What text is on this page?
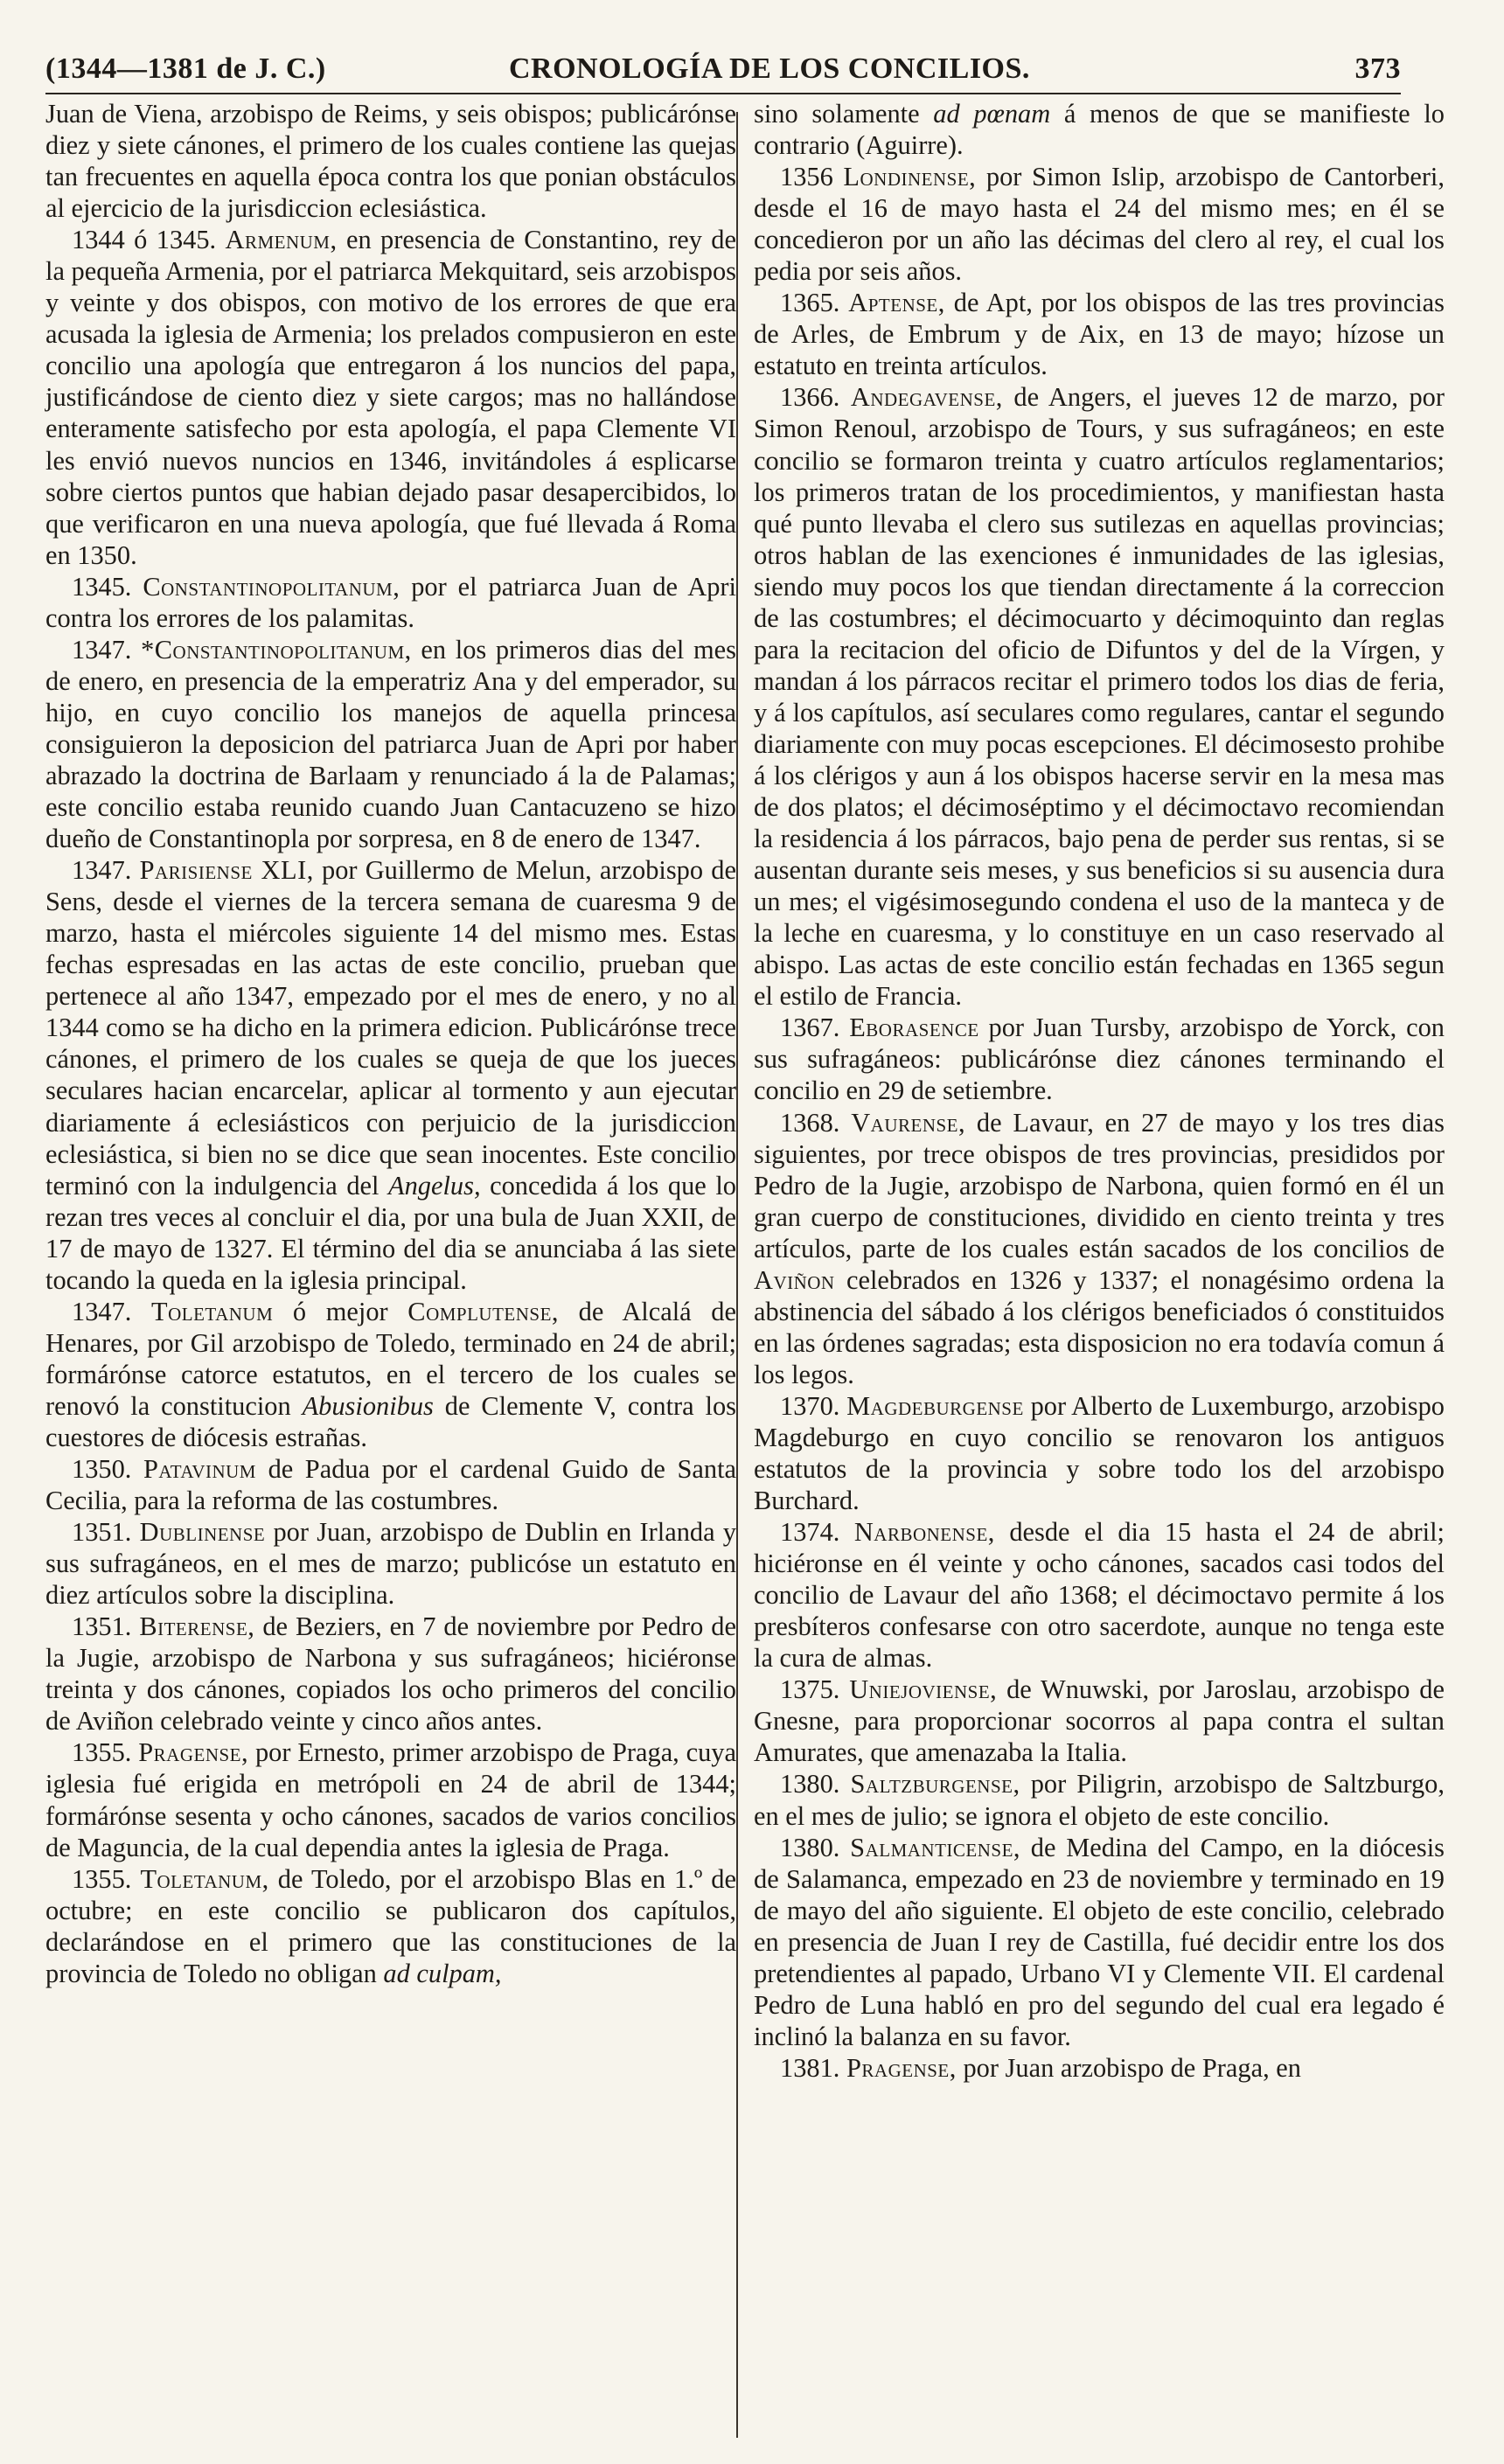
(1344—1381 de J. C.)	CRONOLOGÍA DE LOS CONCILIOS.	373

Juan de Viena, arzobispo de Reims, y seis obispos; publicárónse diez y siete cánones, el primero de los cuales contiene las quejas tan frecuentes en aquella época contra los que ponian obstáculos al ejercicio de la jurisdiccion eclesiástica.

1344 ó 1345. Armenum, en presencia de Constantino, rey de la pequeña Armenia, por el patriarca Mekquitard, seis arzobispos y veinte y dos obispos, con motivo de los errores de que era acusada la iglesia de Armenia; los prelados compusieron en este concilio una apología que entregaron á los nuncios del papa, justificándose de ciento diez y siete cargos; mas no hallándose enteramente satisfecho por esta apología, el papa Clemente VI les envió nuevos nuncios en 1346, invitándoles á esplicarse sobre ciertos puntos que habian dejado pasar desapercibidos, lo que verificaron en una nueva apología, que fué llevada á Roma en 1350.

1345. Constantinopolitanum, por el patriarca Juan de Apri contra los errores de los palamitas.

1347. *Constantinopolitanum, en los primeros dias del mes de enero, en presencia de la emperatriz Ana y del emperador, su hijo, en cuyo concilio los manejos de aquella princesa consiguieron la deposicion del patriarca Juan de Apri por haber abrazado la doctrina de Barlaam y renunciado á la de Palamas; este concilio estaba reunido cuando Juan Cantacuzeno se hizo dueño de Constantinopla por sorpresa, en 8 de enero de 1347.

1347. Parisiense XLI, por Guillermo de Melun, arzobispo de Sens, desde el viernes de la tercera semana de cuaresma 9 de marzo, hasta el miércoles siguiente 14 del mismo mes. Estas fechas espresadas en las actas de este concilio, prueban que pertenece al año 1347, empezado por el mes de enero, y no al 1344 como se ha dicho en la primera edicion. Publicárónse trece cánones, el primero de los cuales se queja de que los jueces seculares hacian encarcelar, aplicar al tormento y aun ejecutar diariamente á eclesiásticos con perjuicio de la jurisdiccion eclesiástica, si bien no se dice que sean inocentes. Este concilio terminó con la indulgencia del Angelus, concedida á los que lo rezan tres veces al concluir el dia, por una bula de Juan XXII, de 17 de mayo de 1327. El término del dia se anunciaba á las siete tocando la queda en la iglesia principal.

1347. Toletanum ó mejor Complutense, de Alcalá de Henares, por Gil arzobispo de Toledo, terminado en 24 de abril; formárónse catorce estatutos, en el tercero de los cuales se renovó la constitucion Abusionibus de Clemente V, contra los cuestores de diócesis estrañas.

1350. Patavinum de Padua por el cardenal Guido de Santa Cecilia, para la reforma de las costumbres.

1351. Dublinense por Juan, arzobispo de Dublin en Irlanda y sus sufragáneos, en el mes de marzo; publicóse un estatuto en diez artículos sobre la disciplina.

1351. Biterense, de Beziers, en 7 de noviembre por Pedro de la Jugie, arzobispo de Narbona y sus sufragáneos; hiciéronse treinta y dos cánones, copiados los ocho primeros del concilio de Aviñon celebrado veinte y cinco años antes.

1355. Pragense, por Ernesto, primer arzobispo de Praga, cuya iglesia fué erigida en metrópoli en 24 de abril de 1344; formárónse sesenta y ocho cánones, sacados de varios concilios de Maguncia, de la cual dependia antes la iglesia de Praga.

1355. Toletanum, de Toledo, por el arzobispo Blas en 1.º de octubre; en este concilio se publicaron dos capítulos, declarándose en el primero que las constituciones de la provincia de Toledo no obligan ad culpam,

sino solamente ad pœnam á menos de que se manifieste lo contrario (Aguirre).

1356 Londinense, por Simon Islip, arzobispo de Cantorberi, desde el 16 de mayo hasta el 24 del mismo mes; en él se concedieron por un año las décimas del clero al rey, el cual los pedia por seis años.

1365. Aptense, de Apt, por los obispos de las tres provincias de Arles, de Embrum y de Aix, en 13 de mayo; hízose un estatuto en treinta artículos.

1366. Andegavense, de Angers, el jueves 12 de marzo, por Simon Renoul, arzobispo de Tours, y sus sufragáneos; en este concilio se formaron treinta y cuatro artículos reglamentarios; los primeros tratan de los procedimientos, y manifiestan hasta qué punto llevaba el clero sus sutilezas en aquellas provincias; otros hablan de las exenciones é inmunidades de las iglesias, siendo muy pocos los que tiendan directamente á la correccion de las costumbres; el décimocuarto y décimoquinto dan reglas para la recitacion del oficio de Difuntos y del de la Vírgen, y mandan á los párracos recitar el primero todos los dias de feria, y á los capítulos, así seculares como regulares, cantar el segundo diariamente con muy pocas escepciones. El décimosesto prohibe á los clérigos y aun á los obispos hacerse servir en la mesa mas de dos platos; el décimoséptimo y el décimoctavo recomiendan la residencia á los párracos, bajo pena de perder sus rentas, si se ausentan durante seis meses, y sus beneficios si su ausencia dura un mes; el vigésimosegundo condena el uso de la manteca y de la leche en cuaresma, y lo constituye en un caso reservado al abispo. Las actas de este concilio están fechadas en 1365 segun el estilo de Francia.

1367. Eborasence por Juan Tursby, arzobispo de Yorck, con sus sufragáneos: publicárónse diez cánones terminando el concilio en 29 de setiembre.

1368. Vaurense, de Lavaur, en 27 de mayo y los tres dias siguientes, por trece obispos de tres provincias, presididos por Pedro de la Jugie, arzobispo de Narbona, quien formó en él un gran cuerpo de constituciones, dividido en ciento treinta y tres artículos, parte de los cuales están sacados de los concilios de Aviñon celebrados en 1326 y 1337; el nonagésimo ordena la abstinencia del sábado á los clérigos beneficiados ó constituidos en las órdenes sagradas; esta disposicion no era todavía comun á los legos.

1370. Magdeburgense por Alberto de Luxemburgo, arzobispo Magdeburgo en cuyo concilio se renovaron los antiguos estatutos de la provincia y sobre todo los del arzobispo Burchard.

1374. Narbonense, desde el dia 15 hasta el 24 de abril; hiciéronse en él veinte y ocho cánones, sacados casi todos del concilio de Lavaur del año 1368; el décimoctavo permite á los presbíteros confesarse con otro sacerdote, aunque no tenga este la cura de almas.

1375. Uniejoviense, de Wnuwski, por Jaroslau, arzobispo de Gnesne, para proporcionar socorros al papa contra el sultan Amurates, que amenazaba la Italia.

1380. Saltzburgense, por Piligrin, arzobispo de Saltzburgo, en el mes de julio; se ignora el objeto de este concilio.

1380. Salmanticense, de Medina del Campo, en la diócesis de Salamanca, empezado en 23 de noviembre y terminado en 19 de mayo del año siguiente. El objeto de este concilio, celebrado en presencia de Juan I rey de Castilla, fué decidir entre los dos pretendientes al papado, Urbano VI y Clemente VII. El cardenal Pedro de Luna habló en pro del segundo del cual era legado é inclinó la balanza en su favor.

1381. Pragense, por Juan arzobispo de Praga, en
